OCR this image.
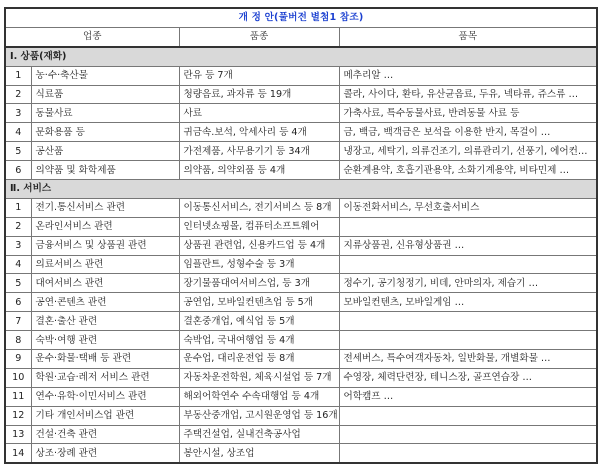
개 정 안(풀버전 별첨1 참조)			
업종		품종	품목
Ⅰ. 상품(재화)			
1	농·수·축산물	란유 등 7개	메추리알 …
2	식료품	청량음료, 과자류 등 19개	콜라, 사이다, 환타, 유산균음료, 두유, 넥타류, 쥬스류 …
3	동물사료	사료	가축사료, 특수동물사료, 반려동물 사료 등
4	문화용품 등	귀금속.보석, 악세사리 등 4개	금, 백금, 백객금은 보석을 이용한 반지, 목걸이 …
5	공산품	가전제품, 사무용기기 등 34개	냉장고, 세탁기, 의류건조기, 의류관리기, 선풍기, 에어컨…
6	의약품 및 화학제품	의약품, 의약외품 등 4개	순환계용약, 호흡기관용약, 소화기계용약, 비타민제 …
Ⅱ. 서비스			
1	전기.통신서비스 관련	이동통신서비스, 전기서비스 등 8개	이동전화서비스, 무선호출서비스
2	온라인서비스 관련	인터넷쇼핑몰, 컴퓨터소프트웨어	
3	금융서비스 및 상품권 관련	상품권 관련업, 신용카드업 등 4개	지류상품권, 신유형상품권 …
4	의료서비스 관련	임플란트, 성형수술 등 3개	
5	대여서비스 관련	장기물품대여서비스업, 등 3개	정수기, 공기청정기, 비데, 안마의자, 제습기 …
6	공연·콘텐츠 관련	공연업, 모바일컨텐츠업 등 5개	모바일컨텐츠, 모바일게임 …
7	결혼·출산 관련	결혼중개업, 예식업 등 5개	
8	숙박·여행 관련	숙박업, 국내여행업 등 4개	
9	운수·화물·택배 등 관련	운수업, 대리운전업 등 8개	전세버스, 특수여객자동차, 일반화물, 개별화물 …
10	학원·교습·레저 서비스 관련	자동차운전학원, 체육시설업 등 7개	수영장, 체력단련장, 테니스장, 골프연습장 …
11	연수·유학·이민서비스 관련	해외어학연수 수속대행업 등 4개	어학캠프 …
12	기타 개인서비스업 관련	부동산중개업, 고시원운영업 등 16개	
13	건설·건축 관련	주택건설업, 실내건축공사업	
14	상조·장례 관련	봉안시설, 상조업	
